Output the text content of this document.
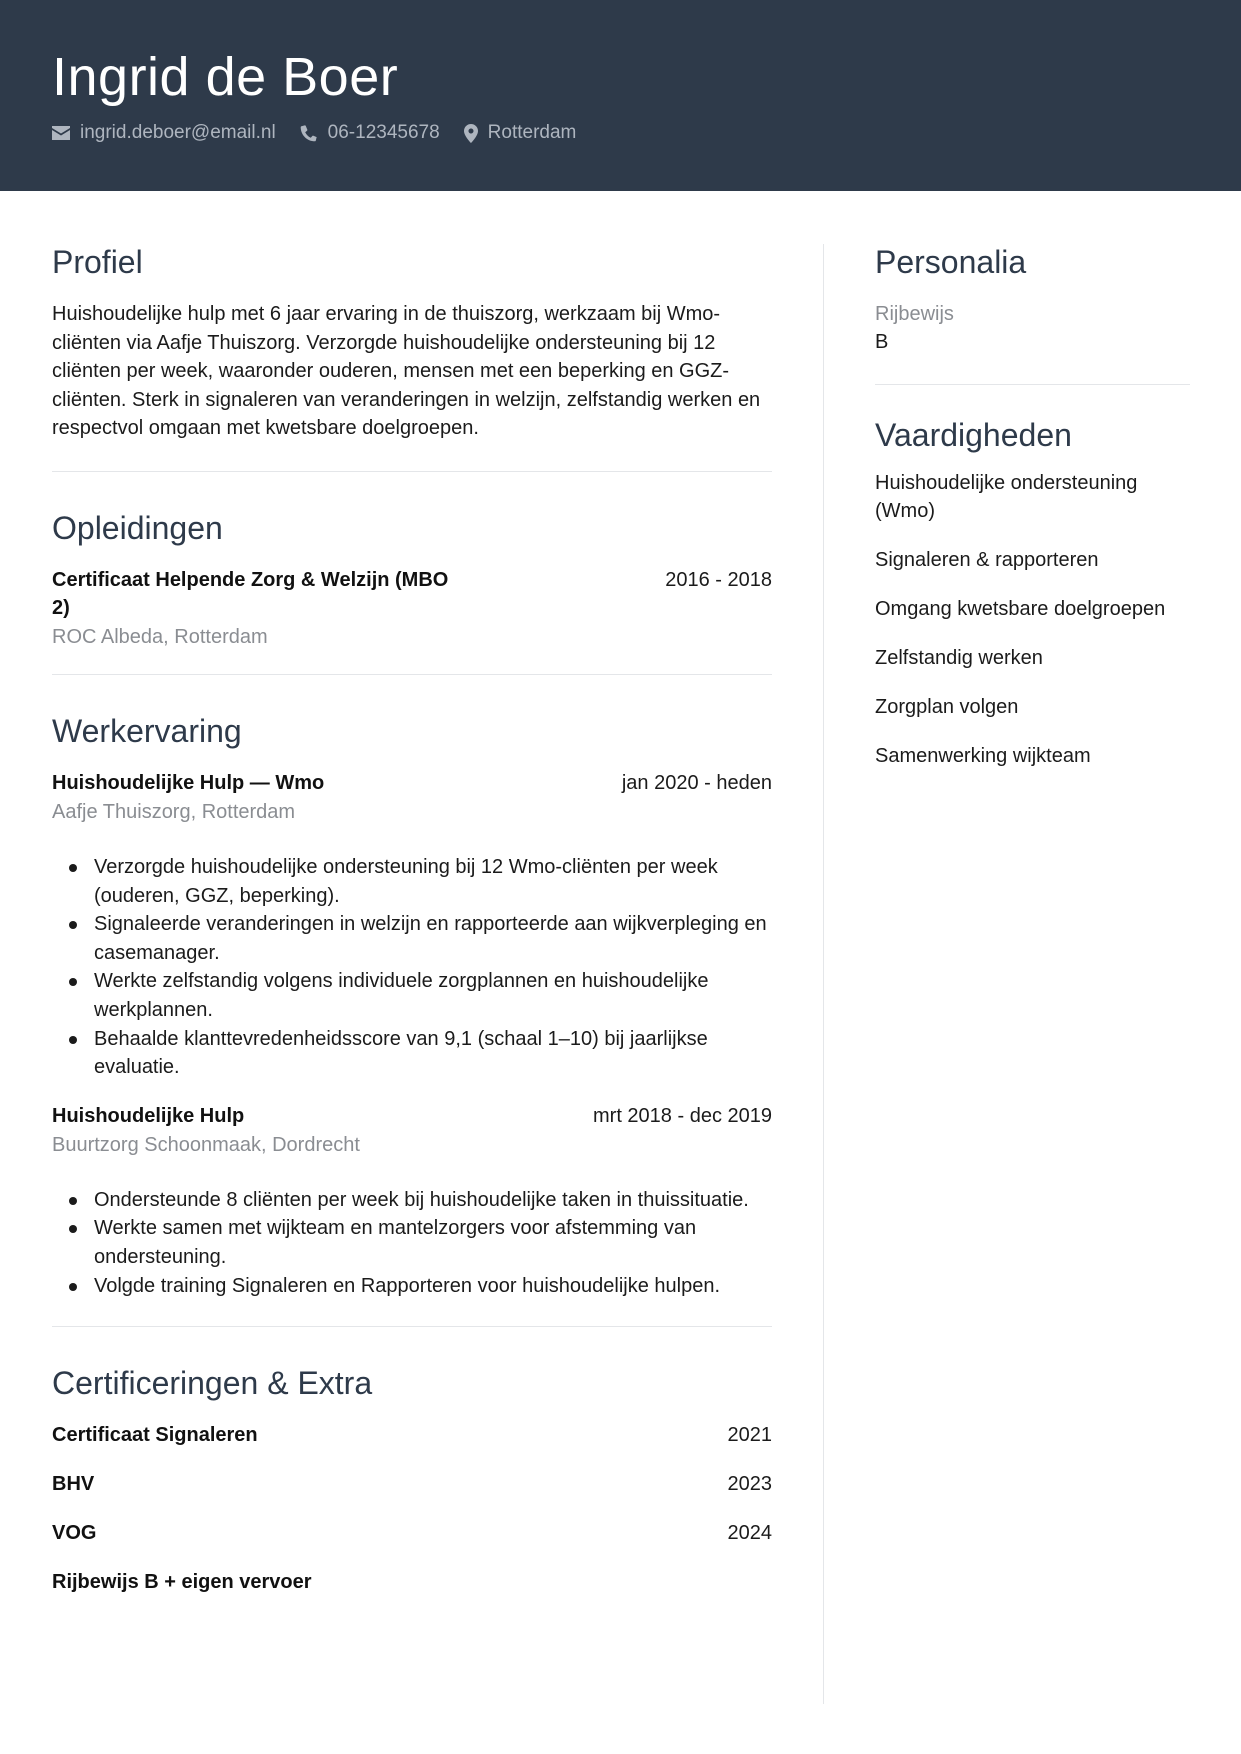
Ingrid de Boer
ingrid.deboer@email.nl	06-12345678	Rotterdam
Profiel

Huishoudelijke hulp met 6 jaar ervaring in de thuiszorg, werkzaam bij Wmo-cliënten via Aafje Thuiszorg. Verzorgde huishoudelijke ondersteuning bij 12 cliënten per week, waaronder ouderen, mensen met een beperking en GGZ-cliënten. Sterk in signaleren van veranderingen in welzijn, zelfstandig werken en respectvol omgaan met kwetsbare doelgroepen.

Opleidingen
Certificaat Helpende Zorg & Welzijn (MBO 2)
2016 - 2018
ROC Albeda, Rotterdam
Werkervaring
Huishoudelijke Hulp — Wmo	jan 2020 - heden
Aafje Thuiszorg, Rotterdam
Verzorgde huishoudelijke ondersteuning bij 12 Wmo-cliënten per week (ouderen, GGZ, beperking).
Signaleerde veranderingen in welzijn en rapporteerde aan wijkverpleging en casemanager.
Werkte zelfstandig volgens individuele zorgplannen en huishoudelijke werkplannen.
Behaalde klanttevredenheidsscore van 9,1 (schaal 1–10) bij jaarlijkse evaluatie.
Huishoudelijke Hulp	mrt 2018 - dec 2019
Buurtzorg Schoonmaak, Dordrecht
Ondersteunde 8 cliënten per week bij huishoudelijke taken in thuissituatie.
Werkte samen met wijkteam en mantelzorgers voor afstemming van ondersteuning.
Volgde training Signaleren en Rapporteren voor huishoudelijke hulpen.
Certificeringen & Extra
Certificaat Signaleren	2021
BHV	2023
VOG	2024
Rijbewijs B + eigen vervoer
Personalia
Rijbewijs
B
Vaardigheden
Huishoudelijke ondersteuning (Wmo)
Signaleren & rapporteren
Omgang kwetsbare doelgroepen
Zelfstandig werken
Zorgplan volgen
Samenwerking wijkteam
